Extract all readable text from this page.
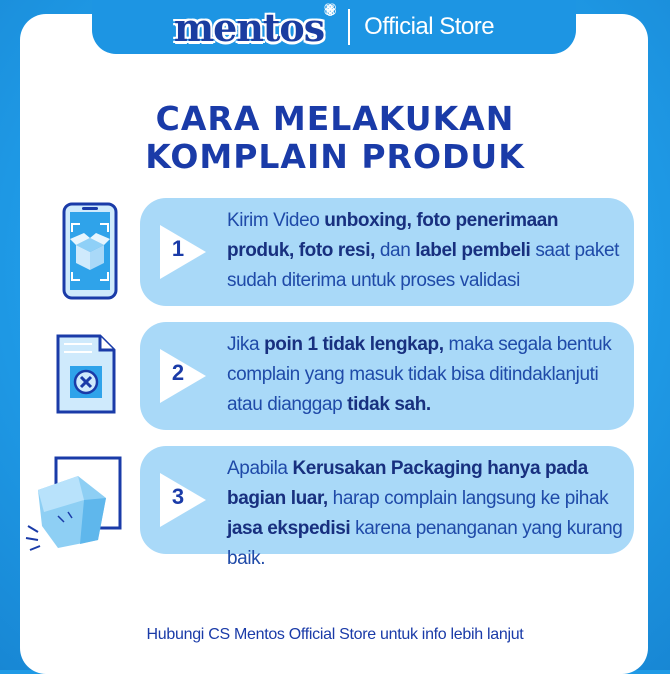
mentos®
Official Store
CARA MELAKUKAN
KOMPLAIN PRODUK
1
Kirim Video unboxing, foto penerimaan produk, foto resi, dan label pembeli saat paket sudah diterima untuk proses validasi
2
Jika poin 1 tidak lengkap, maka segala bentuk complain yang masuk tidak bisa ditindaklanjuti atau dianggap tidak sah.
3
Apabila Kerusakan Packaging hanya pada bagian luar, harap complain langsung ke pihak jasa ekspedisi karena penanganan yang kurang baik.
Hubungi CS Mentos Official Store untuk info lebih lanjut
